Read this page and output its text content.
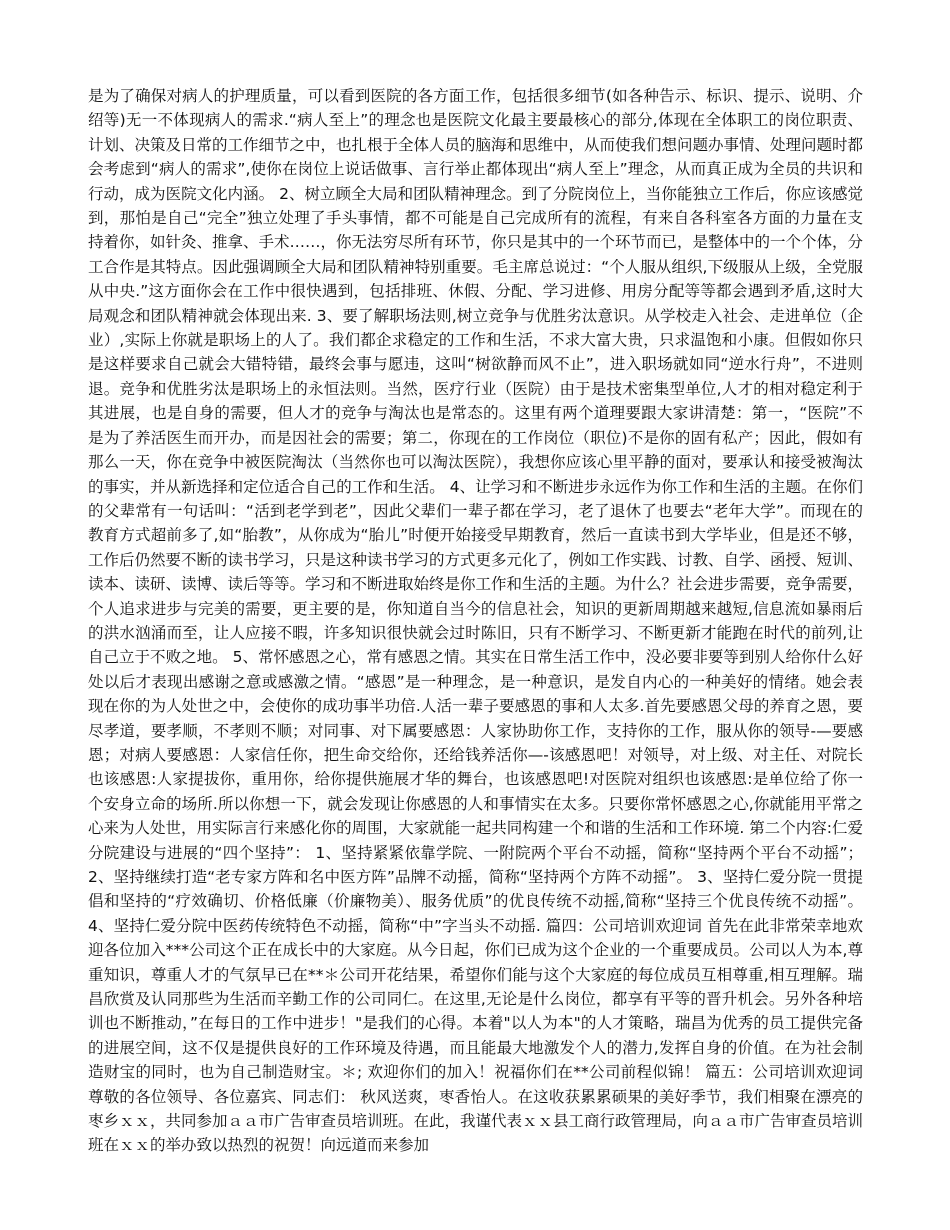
是为了确保对病人的护理质量，可以看到医院的各方面工作，包括很多细节(如各种告示、标识、提示、说明、介绍等)无一不体现病人的需求.“病人至上”的理念也是医院文化最主要最核心的部分,体现在全体职工的岗位职责、计划、决策及日常的工作细节之中，也扎根于全体人员的脑海和思维中，从而使我们想问题办事情、处理问题时都会考虑到“病人的需求”,使你在岗位上说话做事、言行举止都体现出“病人至上”理念，从而真正成为全员的共识和行动，成为医院文化内涵。 2、树立顾全大局和团队精神理念。到了分院岗位上，当你能独立工作后，你应该感觉到，那怕是自己“完全”独立处理了手头事情，都不可能是自己完成所有的流程，有来自各科室各方面的力量在支持着你，如针灸、推拿、手术……，你无法穷尽所有环节，你只是其中的一个环节而已，是整体中的一个个体，分工合作是其特点。因此强调顾全大局和团队精神特别重要。毛主席总说过：“个人服从组织,下级服从上级，全党服从中央.”这方面你会在工作中很快遇到，包括排班、休假、分配、学习进修、用房分配等等都会遇到矛盾,这时大局观念和团队精神就会体现出来. 3、要了解职场法则,树立竞争与优胜劣汰意识。从学校走入社会、走进单位（企业）,实际上你就是职场上的人了。我们都企求稳定的工作和生活，不求大富大贵，只求温饱和小康。但假如你只是这样要求自己就会大错特错，最终会事与愿违，这叫“树欲静而风不止”，进入职场就如同“逆水行舟”，不进则退。竞争和优胜劣汰是职场上的永恒法则。当然，医疗行业（医院）由于是技术密集型单位,人才的相对稳定利于其进展，也是自身的需要，但人才的竞争与淘汰也是常态的。这里有两个道理要跟大家讲清楚：第一，“医院”不是为了养活医生而开办，而是因社会的需要；第二，你现在的工作岗位（职位)不是你的固有私产；因此，假如有那么一天，你在竞争中被医院淘汰（当然你也可以淘汰医院），我想你应该心里平静的面对，要承认和接受被淘汰的事实，并从新选择和定位适合自己的工作和生活。 4、让学习和不断进步永远作为你工作和生活的主题。在你们的父辈常有一句话叫：“活到老学到老”，因此父辈们一辈子都在学习，老了退休了也要去“老年大学”。而现在的教育方式超前多了,如“胎教”，从你成为“胎儿”时便开始接受早期教育，然后一直读书到大学毕业，但是还不够，工作后仍然要不断的读书学习，只是这种读书学习的方式更多元化了，例如工作实践、讨教、自学、函授、短训、读本、读研、读博、读后等等。学习和不断进取始终是你工作和生活的主题。为什么？社会进步需要，竞争需要，个人追求进步与完美的需要，更主要的是，你知道自当今的信息社会，知识的更新周期越来越短,信息流如暴雨后的洪水汹涌而至，让人应接不暇，许多知识很快就会过时陈旧，只有不断学习、不断更新才能跑在时代的前列,让自己立于不败之地。 5、常怀感恩之心，常有感恩之情。其实在日常生活工作中，没必要非要等到别人给你什么好处以后才表现出感谢之意或感激之情。“感恩”是一种理念，是一种意识，是发自内心的一种美好的情绪。她会表现在你的为人处世之中，会使你的成功事半功倍.人活一辈子要感恩的事和人太多.首先要感恩父母的养育之恩，要尽孝道，要孝顺，不孝则不顺；对同事、对下属要感恩：人家协助你工作，支持你的工作，服从你的领导-—要感恩；对病人要感恩：人家信任你，把生命交给你，还给钱养活你—-该感恩吧！对领导，对上级、对主任、对院长也该感恩:人家提拔你，重用你，给你提供施展才华的舞台，也该感恩吧!对医院对组织也该感恩:是单位给了你一个安身立命的场所.所以你想一下，就会发现让你感恩的人和事情实在太多。只要你常怀感恩之心,你就能用平常之心来为人处世，用实际言行来感化你的周围，大家就能一起共同构建一个和谐的生活和工作环境. 第二个内容:仁爱分院建设与进展的“四个坚持”： 1、坚持紧紧依靠学院、一附院两个平台不动摇，简称“坚持两个平台不动摇”； 2、坚持继续打造“老专家方阵和名中医方阵”品牌不动摇，简称“坚持两个方阵不动摇”。 3、坚持仁爱分院一贯提倡和坚持的“疗效确切、价格低廉（价廉物美）、服务优质”的优良传统不动摇,简称“坚持三个优良传统不动摇”。 4、坚持仁爱分院中医药传统特色不动摇，简称“中”字当头不动摇. 篇四：公司培训欢迎词 首先在此非常荣幸地欢迎各位加入***公司这个正在成长中的大家庭。从今日起，你们已成为这个企业的一个重要成员。公司以人为本,尊重知识，尊重人才的气氛早已在**＊公司开花结果，希望你们能与这个大家庭的每位成员互相尊重,相互理解。瑞昌欣赏及认同那些为生活而辛勤工作的公司同仁。在这里,无论是什么岗位，都享有平等的晋升机会。另外各种培训也不断推动，”在每日的工作中进步！"是我们的心得。本着"以人为本"的人才策略，瑞昌为优秀的员工提供完备的进展空间，这不仅是提供良好的工作环境及待遇，而且能最大地激发个人的潜力,发挥自身的价值。在为社会制造财宝的同时，也为自己制造财宝。＊; 欢迎你们的加入！祝福你们在**公司前程似锦！ 篇五：公司培训欢迎词 尊敬的各位领导、各位嘉宾、同志们： 秋风送爽，枣香怡人。在这收获累累硕果的美好季节，我们相聚在漂亮的枣乡ｘｘ，共同参加ａａ市广告审查员培训班。在此，我谨代表ｘｘ县工商行政管理局，向ａａ市广告审查员培训班在ｘｘ的举办致以热烈的祝贺！向远道而来参加
